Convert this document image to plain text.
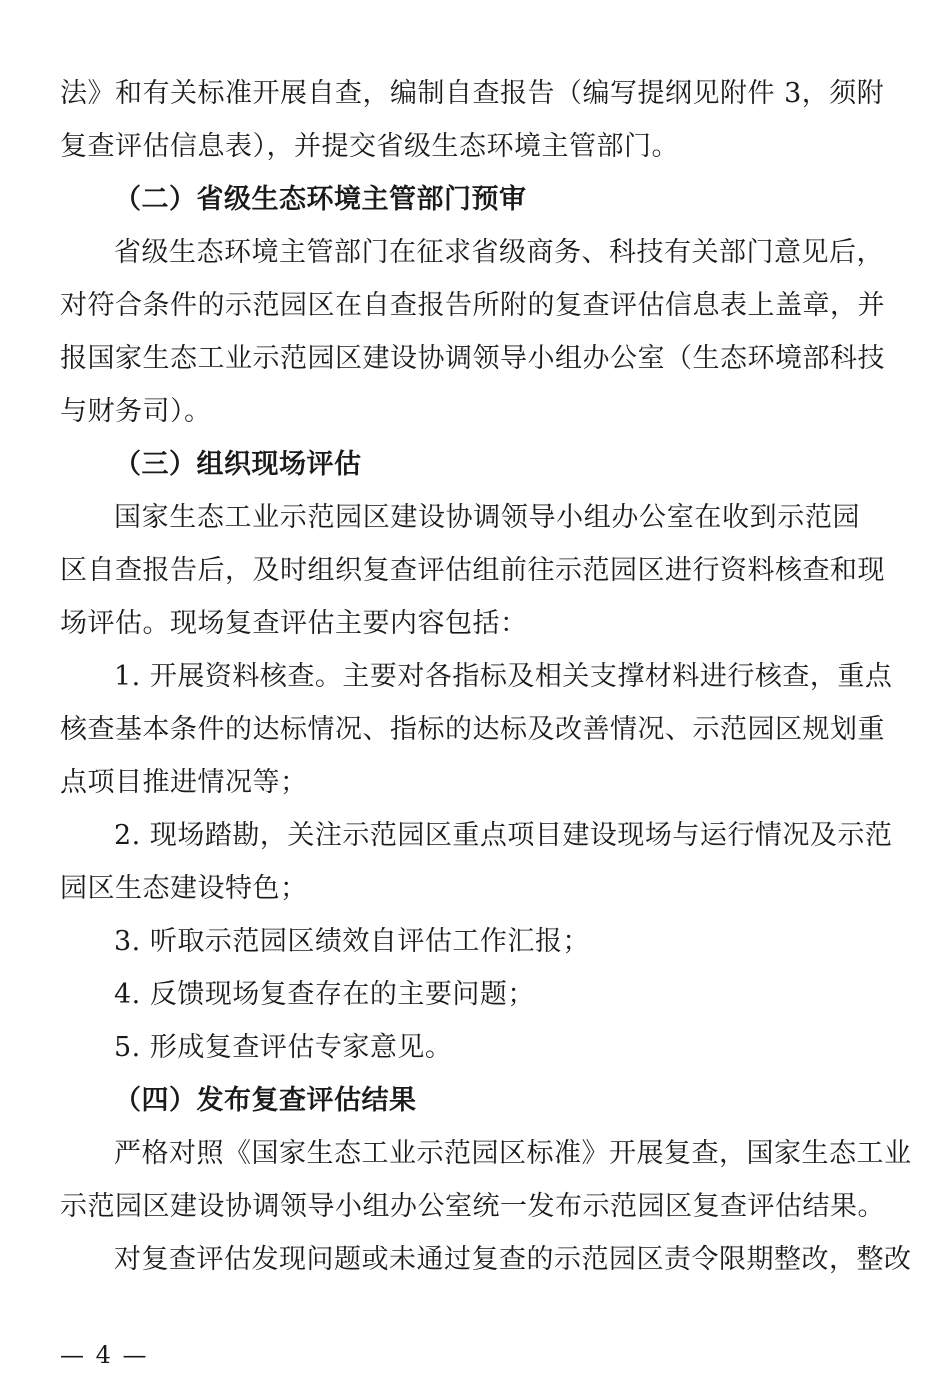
法》和有关标准开展自查，编制自查报告（编写提纲见附件 3，须附
复查评估信息表），并提交省级生态环境主管部门。
（二）省级生态环境主管部门预审
省级生态环境主管部门在征求省级商务、科技有关部门意见后，
对符合条件的示范园区在自查报告所附的复查评估信息表上盖章，并
报国家生态工业示范园区建设协调领导小组办公室（生态环境部科技
与财务司）。
（三）组织现场评估
国家生态工业示范园区建设协调领导小组办公室在收到示范园
区自查报告后，及时组织复查评估组前往示范园区进行资料核查和现
场评估。现场复查评估主要内容包括：
1. 开展资料核查。主要对各指标及相关支撑材料进行核查，重点
核查基本条件的达标情况、指标的达标及改善情况、示范园区规划重
点项目推进情况等；
2. 现场踏勘，关注示范园区重点项目建设现场与运行情况及示范
园区生态建设特色；
3. 听取示范园区绩效自评估工作汇报；
4. 反馈现场复查存在的主要问题；
5. 形成复查评估专家意见。
（四）发布复查评估结果
严格对照《国家生态工业示范园区标准》开展复查，国家生态工业
示范园区建设协调领导小组办公室统一发布示范园区复查评估结果。
对复查评估发现问题或未通过复查的示范园区责令限期整改，整改
— 4 —
